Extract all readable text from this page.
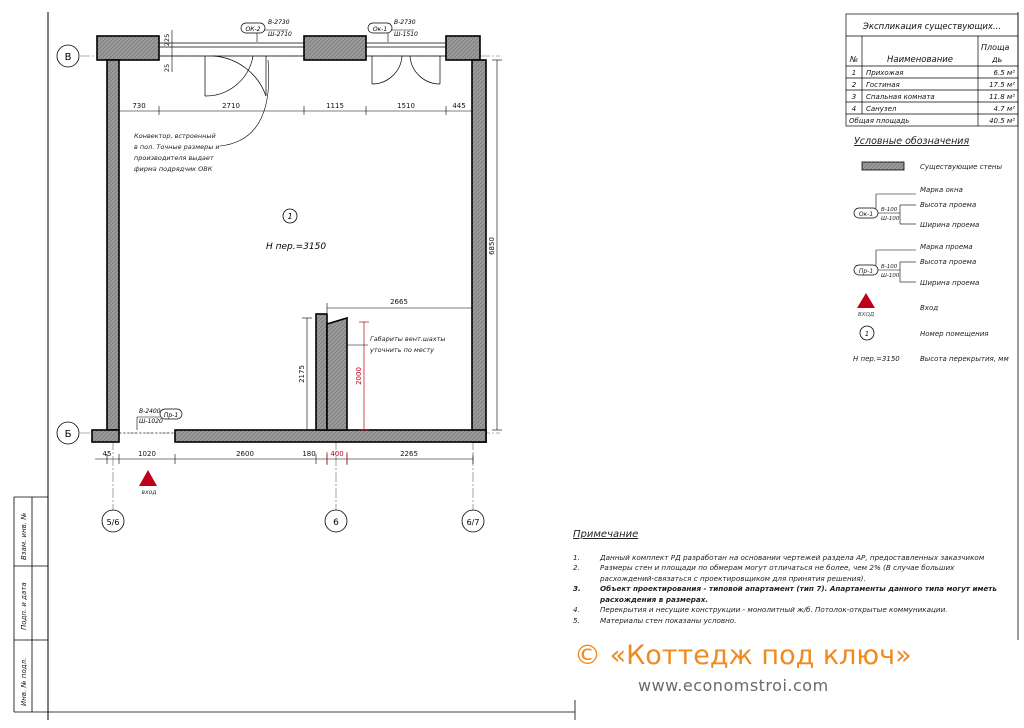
Взам. инв. №
Подп. и дата
Инв. № подл.
В
Б
5/6	6	6/7
730	2710	1115	1510	445
45	1020	2600	180 400	2265
2665
6850
2175	2000
225
25
ОК-2
В-2730
Ш-2710
Ок-1
В-2730
Ш-1510
Пр-1
В-2400
Ш-1020
вход
1
Н пер.=3150
Конвектор, встроенный
в пол. Точные размеры и
производителя выдает
фирма подрядчик ОВК
Габариты вент.шахты
уточнить по месту
Экспликация существующих...
№	Наименование
Площа
дь
1 Прихожая	6.5 м²
2 Гостиная	17.5 м²
3 Спальная комната	11.8 м²
4 Санузел	4.7 м²
Общая площадь	40.5 м²
Условные обозначения
Существующие стены
Ок-1
В-100
Ш-100
Марка окна
Высота проема
Ширина проема
Пр-1
В-100
Ш-100
Марка проема
Высота проема
Ширина проема
ВХОД
Вход
1	Номер помещения
Н пер.=3150	Высота перекрытия, мм
Примечание
1.	Данный комплект РД разработан на основании чертежей раздела АР, предоставленных заказчиком
2.	Размеры стен и площади по обмерам могут отличаться не более, чем 2% (В случае больших расхождений-связаться с проектировщиком для принятия решения).
3.	Объект проектирования - типовой апартамент (тип 7). Апартаменты данного типа могут иметь расхождения в размерах.
4.	Перекрытия и несущие конструкции - монолитный ж/б. Потолок-открытые коммуникации.
5.	Материалы стен показаны условно.
© «Коттедж под ключ»
www.economstroi.com
